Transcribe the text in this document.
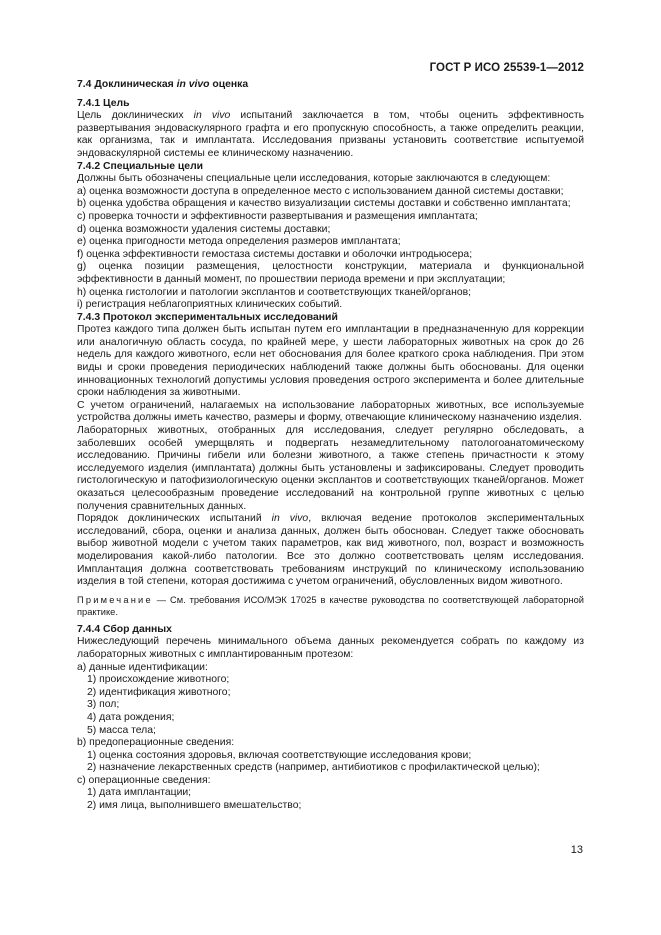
ГОСТ Р ИСО 25539-1—2012

7.4 Доклиническая in vivo оценка

7.4.1 Цель

Цель доклинических in vivo испытаний заключается в том, чтобы оценить эффективность развертывания эндоваскулярного графта и его пропускную способность, а также определить реакции, как организма, так и имплантата. Исследования призваны установить соответствие испытуемой эндоваскулярной системы ее клиническому назначению.

7.4.2 Специальные цели

Должны быть обозначены специальные цели исследования, которые заключаются в следующем:

а) оценка возможности доступа в определенное место с использованием данной системы доставки;

b) оценка удобства обращения и качество визуализации системы доставки и собственно имплантата;

c) проверка точности и эффективности развертывания и размещения имплантата;

d) оценка возможности удаления системы доставки;

e) оценка пригодности метода определения размеров имплантата;

f) оценка эффективности гемостаза системы доставки и оболочки интродьюсера;

g) оценка позиции размещения, целостности конструкции, материала и функциональной эффективности в данный момент, по прошествии периода времени и при эксплуатации;

h) оценка гистологии и патологии эксплантов и соответствующих тканей/органов;

i) регистрация неблагоприятных клинических событий.

7.4.3 Протокол экспериментальных исследований

Протез каждого типа должен быть испытан путем его имплантации в предназначенную для коррекции или аналогичную область сосуда, по крайней мере, у шести лабораторных животных на срок до 26 недель для каждого животного, если нет обоснования для более краткого срока наблюдения. При этом виды и сроки проведения периодических наблюдений также должны быть обоснованы. Для оценки инновационных технологий допустимы условия проведения острого эксперимента и более длительные сроки наблюдения за животными.

С учетом ограничений, налагаемых на использование лабораторных животных, все используемые устройства должны иметь качество, размеры и форму, отвечающие клиническому назначению изделия.

Лабораторных животных, отобранных для исследования, следует регулярно обследовать, а заболевших особей умерщвлять и подвергать незамедлительному патологоанатомическому исследованию. Причины гибели или болезни животного, а также степень причастности к этому исследуемого изделия (имплантата) должны быть установлены и зафиксированы. Следует проводить гистологическую и патофизиологическую оценки эксплантов и соответствующих тканей/органов. Может оказаться целесообразным проведение исследований на контрольной группе животных с целью получения сравнительных данных.

Порядок доклинических испытаний in vivo, включая ведение протоколов экспериментальных исследований, сбора, оценки и анализа данных, должен быть обоснован. Следует также обосновать выбор животной модели с учетом таких параметров, как вид животного, пол, возраст и возможность моделирования какой-либо патологии. Все это должно соответствовать целям исследования. Имплантация должна соответствовать требованиям инструкций по клиническому использованию изделия в той степени, которая достижима с учетом ограничений, обусловленных видом животного.

Примечание — См. требования ИСО/МЭК 17025 в качестве руководства по соответствующей лабораторной практике.

7.4.4 Сбор данных

Нижеследующий перечень минимального объема данных рекомендуется собрать по каждому из лабораторных животных с имплантированным протезом:

а) данные идентификации:

1) происхождение животного;

2) идентификация животного;

3) пол;

4) дата рождения;

5) масса тела;

b) предоперационные сведения:

1) оценка состояния здоровья, включая соответствующие исследования крови;

2) назначение лекарственных средств (например, антибиотиков с профилактической целью);

c) операционные сведения:

1) дата имплантации;

2) имя лица, выполнившего вмешательство;

13
